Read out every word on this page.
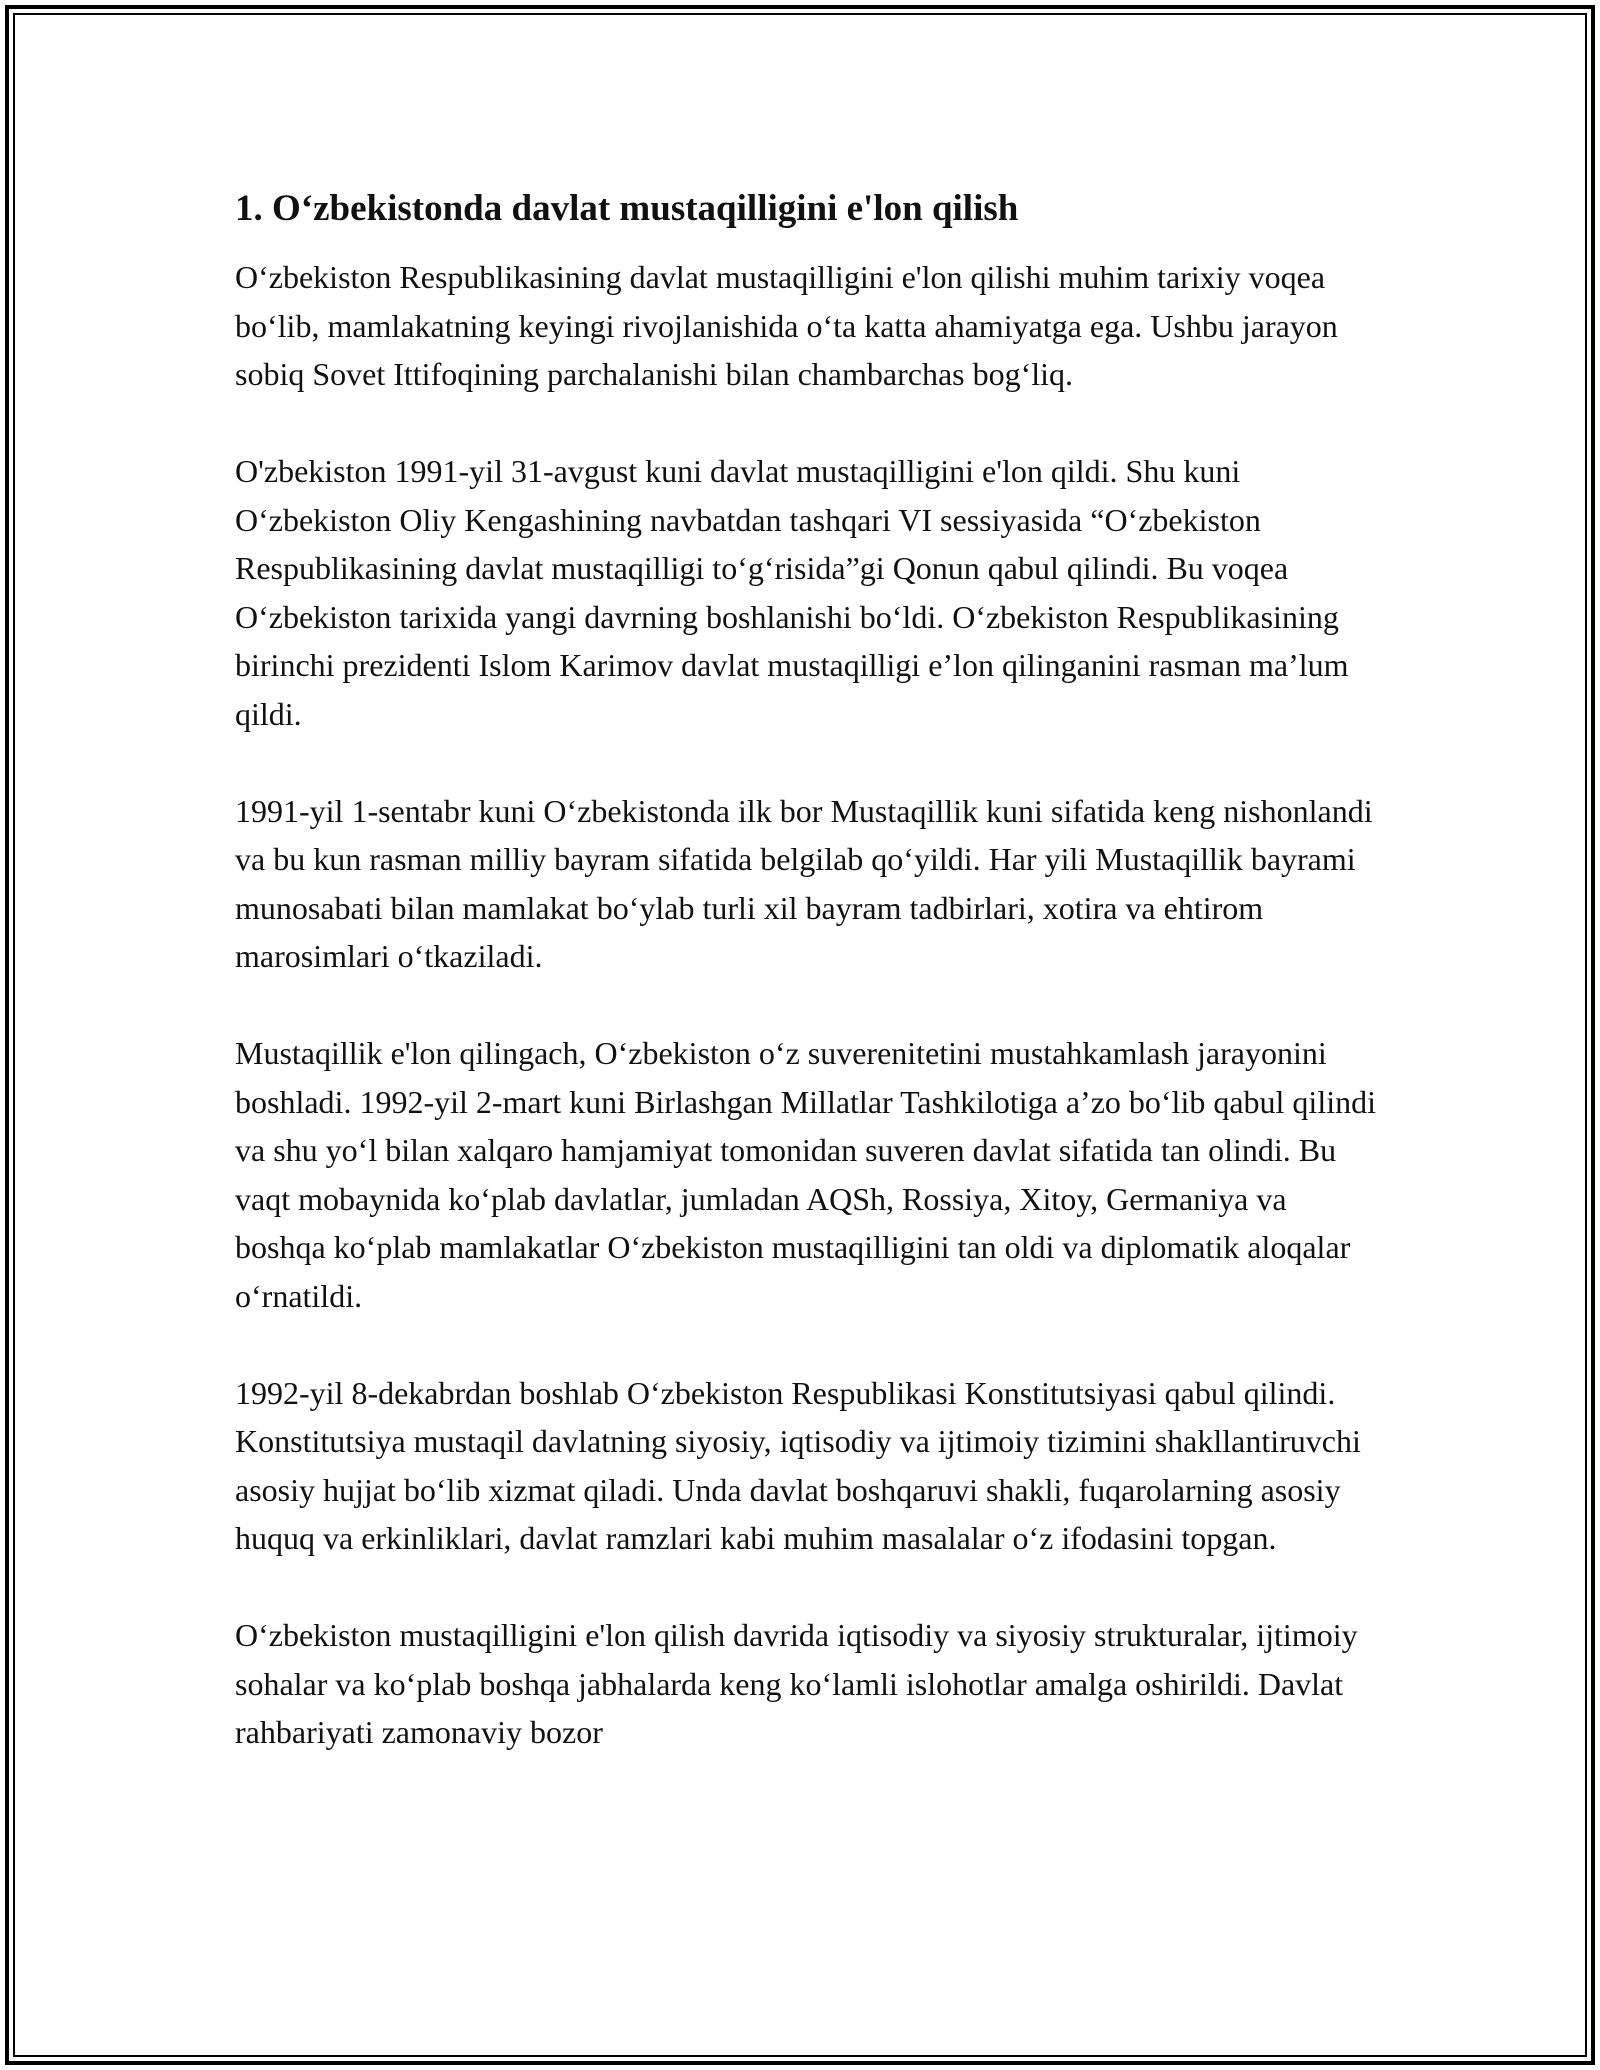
1. O‘zbekistonda davlat mustaqilligini e'lon qilish

O‘zbekiston Respublikasining davlat mustaqilligini e'lon qilishi muhim tarixiy voqea bo‘lib, mamlakatning keyingi rivojlanishida o‘ta katta ahamiyatga ega. Ushbu jarayon sobiq Sovet Ittifoqining parchalanishi bilan chambarchas bog‘liq.

O'zbekiston 1991-yil 31-avgust kuni davlat mustaqilligini e'lon qildi. Shu kuni O‘zbekiston Oliy Kengashining navbatdan tashqari VI sessiyasida “O‘zbekiston Respublikasining davlat mustaqilligi to‘g‘risida”gi Qonun qabul qilindi. Bu voqea O‘zbekiston tarixida yangi davrning boshlanishi bo‘ldi. O‘zbekiston Respublikasining birinchi prezidenti Islom Karimov davlat mustaqilligi e’lon qilinganini rasman ma’lum qildi.

1991-yil 1-sentabr kuni O‘zbekistonda ilk bor Mustaqillik kuni sifatida keng nishonlandi va bu kun rasman milliy bayram sifatida belgilab qo‘yildi. Har yili Mustaqillik bayrami munosabati bilan mamlakat bo‘ylab turli xil bayram tadbirlari, xotira va ehtirom marosimlari o‘tkaziladi.

Mustaqillik e'lon qilingach, O‘zbekiston o‘z suverenitetini mustahkamlash jarayonini boshladi. 1992-yil 2-mart kuni Birlashgan Millatlar Tashkilotiga a’zo bo‘lib qabul qilindi va shu yo‘l bilan xalqaro hamjamiyat tomonidan suveren davlat sifatida tan olindi. Bu vaqt mobaynida ko‘plab davlatlar, jumladan AQSh, Rossiya, Xitoy, Germaniya va boshqa ko‘plab mamlakatlar O‘zbekiston mustaqilligini tan oldi va diplomatik aloqalar o‘rnatildi.

1992-yil 8-dekabrdan boshlab O‘zbekiston Respublikasi Konstitutsiyasi qabul qilindi. Konstitutsiya mustaqil davlatning siyosiy, iqtisodiy va ijtimoiy tizimini shakllantiruvchi asosiy hujjat bo‘lib xizmat qiladi. Unda davlat boshqaruvi shakli, fuqarolarning asosiy huquq va erkinliklari, davlat ramzlari kabi muhim masalalar o‘z ifodasini topgan.

O‘zbekiston mustaqilligini e'lon qilish davrida iqtisodiy va siyosiy strukturalar, ijtimoiy sohalar va ko‘plab boshqa jabhalarda keng ko‘lamli islohotlar amalga oshirildi. Davlat rahbariyati zamonaviy bozor
